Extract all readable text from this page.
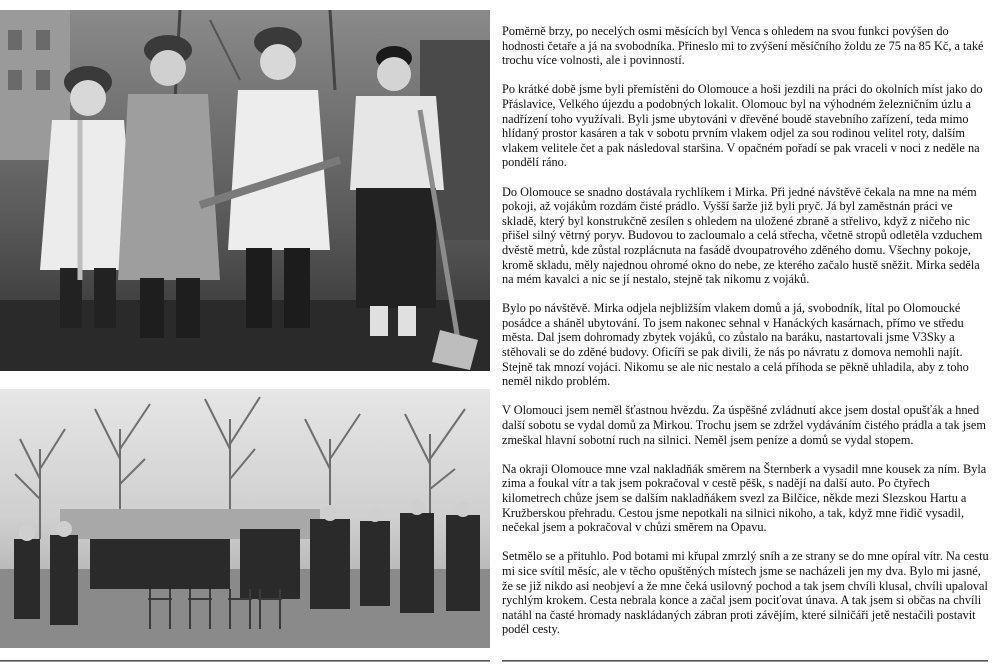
Poměrně brzy, po necelých osmi měsících byl Venca s ohledem na svou funkci povýšen do hodnosti četaře a já na svobodníka. Přineslo mi to zvýšení měsíčního žoldu ze 75 na 85 Kč, a také trochu více volnosti, ale i povinností.

Po krátké době jsme byli přemístěni do Olomouce a hoši jezdili na práci do okolních míst jako do Přáslavice, Velkého újezdu a podobných lokalit. Olomouc byl na výhodném železničním úzlu a nadřízení toho využívali. Byli jsme ubytováni v dřevěné boudě stavebního zařízení, teda mimo hlídaný prostor kasáren a tak v sobotu prvním vlakem odjel za sou rodinou velitel roty, dalším vlakem velitele čet a pak následoval staršina. V opačném pořadí se pak vraceli v noci z neděle na pondělí ráno.

Do Olomouce se snadno dostávala rychlíkem i Mirka. Při jedné návštěvě čekala na mne na mém pokoji, až vojákům rozdám čisté prádlo. Vyšší šarže již byli pryč. Já byl zaměstnán práci ve skladě, který byl konstrukčně zesílen s ohledem na uložené zbraně a střelivo, když z ničeho nic přišel silný větrný poryv. Budovou to zacloumalo a celá střecha, včetně stropů odletěla vzduchem dvěstě metrů, kde zůstal rozplácnuta na fasádě dvoupatrového zděného domu. Všechny pokoje, kromě skladu, měly najednou ohromé okno do nebe, ze kterého začalo hustě sněžit. Mirka seděla na mém kavalci a nic se jí nestalo, stejně tak nikomu z vojáků.

Bylo po návštěvě. Mirka odjela nejbližším vlakem domů a já, svobodník, lítal po Olomoucké posádce a sháněl ubytování. To jsem nakonec sehnal v Hanáckých kasárnach, přímo ve středu města. Dal jsem dohromady zbytek vojáků, co zůstalo na baráku, nastartovali jsme V3Sky a stěhovali se do zděné budovy. Oficíři se pak divili, že nás po návratu z domova nemohli najít. Stejně tak mnozí vojáci. Nikomu se ale nic nestalo a celá příhoda se pěkně uhladila, aby z toho neměl nikdo problém.

V Olomouci jsem neměl šťastnou hvězdu. Za úspěšné zvládnutí akce jsem dostal opušťák a hned další sobotu se vydal domů za Mirkou. Trochu jsem se zdržel vydáváním čistého prádla a tak jsem zmeškal hlavní sobotní ruch na silnici. Neměl jsem peníze a domů se vydal stopem.

Na okraji Olomouce mne vzal nakladňák směrem na Šternberk a vysadil mne kousek za ním. Byla zima a foukal vítr a tak jsem pokračoval v cestě pěšk, s nadějí na další auto. Po čtyřech kilometrech chůze jsem se dalším nakladňákem svezl za Bilčice, někde mezi Slezskou Hartu a Kružberskou přehradu. Cestou jsme nepotkali na silnici nikoho, a tak, když mne řidič vysadil, nečekal jsem a pokračoval v chůzi směrem na Opavu.

Setmělo se a přituhlo. Pod botami mi křupal zmrzlý sníh a ze strany se do mne opíral vítr. Na cestu mi sice svítil měsíc, ale v těcho opuštěných místech jsme se nacházeli jen my dva. Bylo mi jasné, že se již nikdo asi neobjeví a že mne čeká usilovný pochod a tak jsem chvíli klusal, chvíli upaloval rychlým krokem. Cesta nebrala konce a začal jsem pociťovat únava. A tak jsem si občas na chvíli natáhl na časté hromady naskládaných zábran proti závějím, které silničáři jetě nestačili postavit podél cesty.
